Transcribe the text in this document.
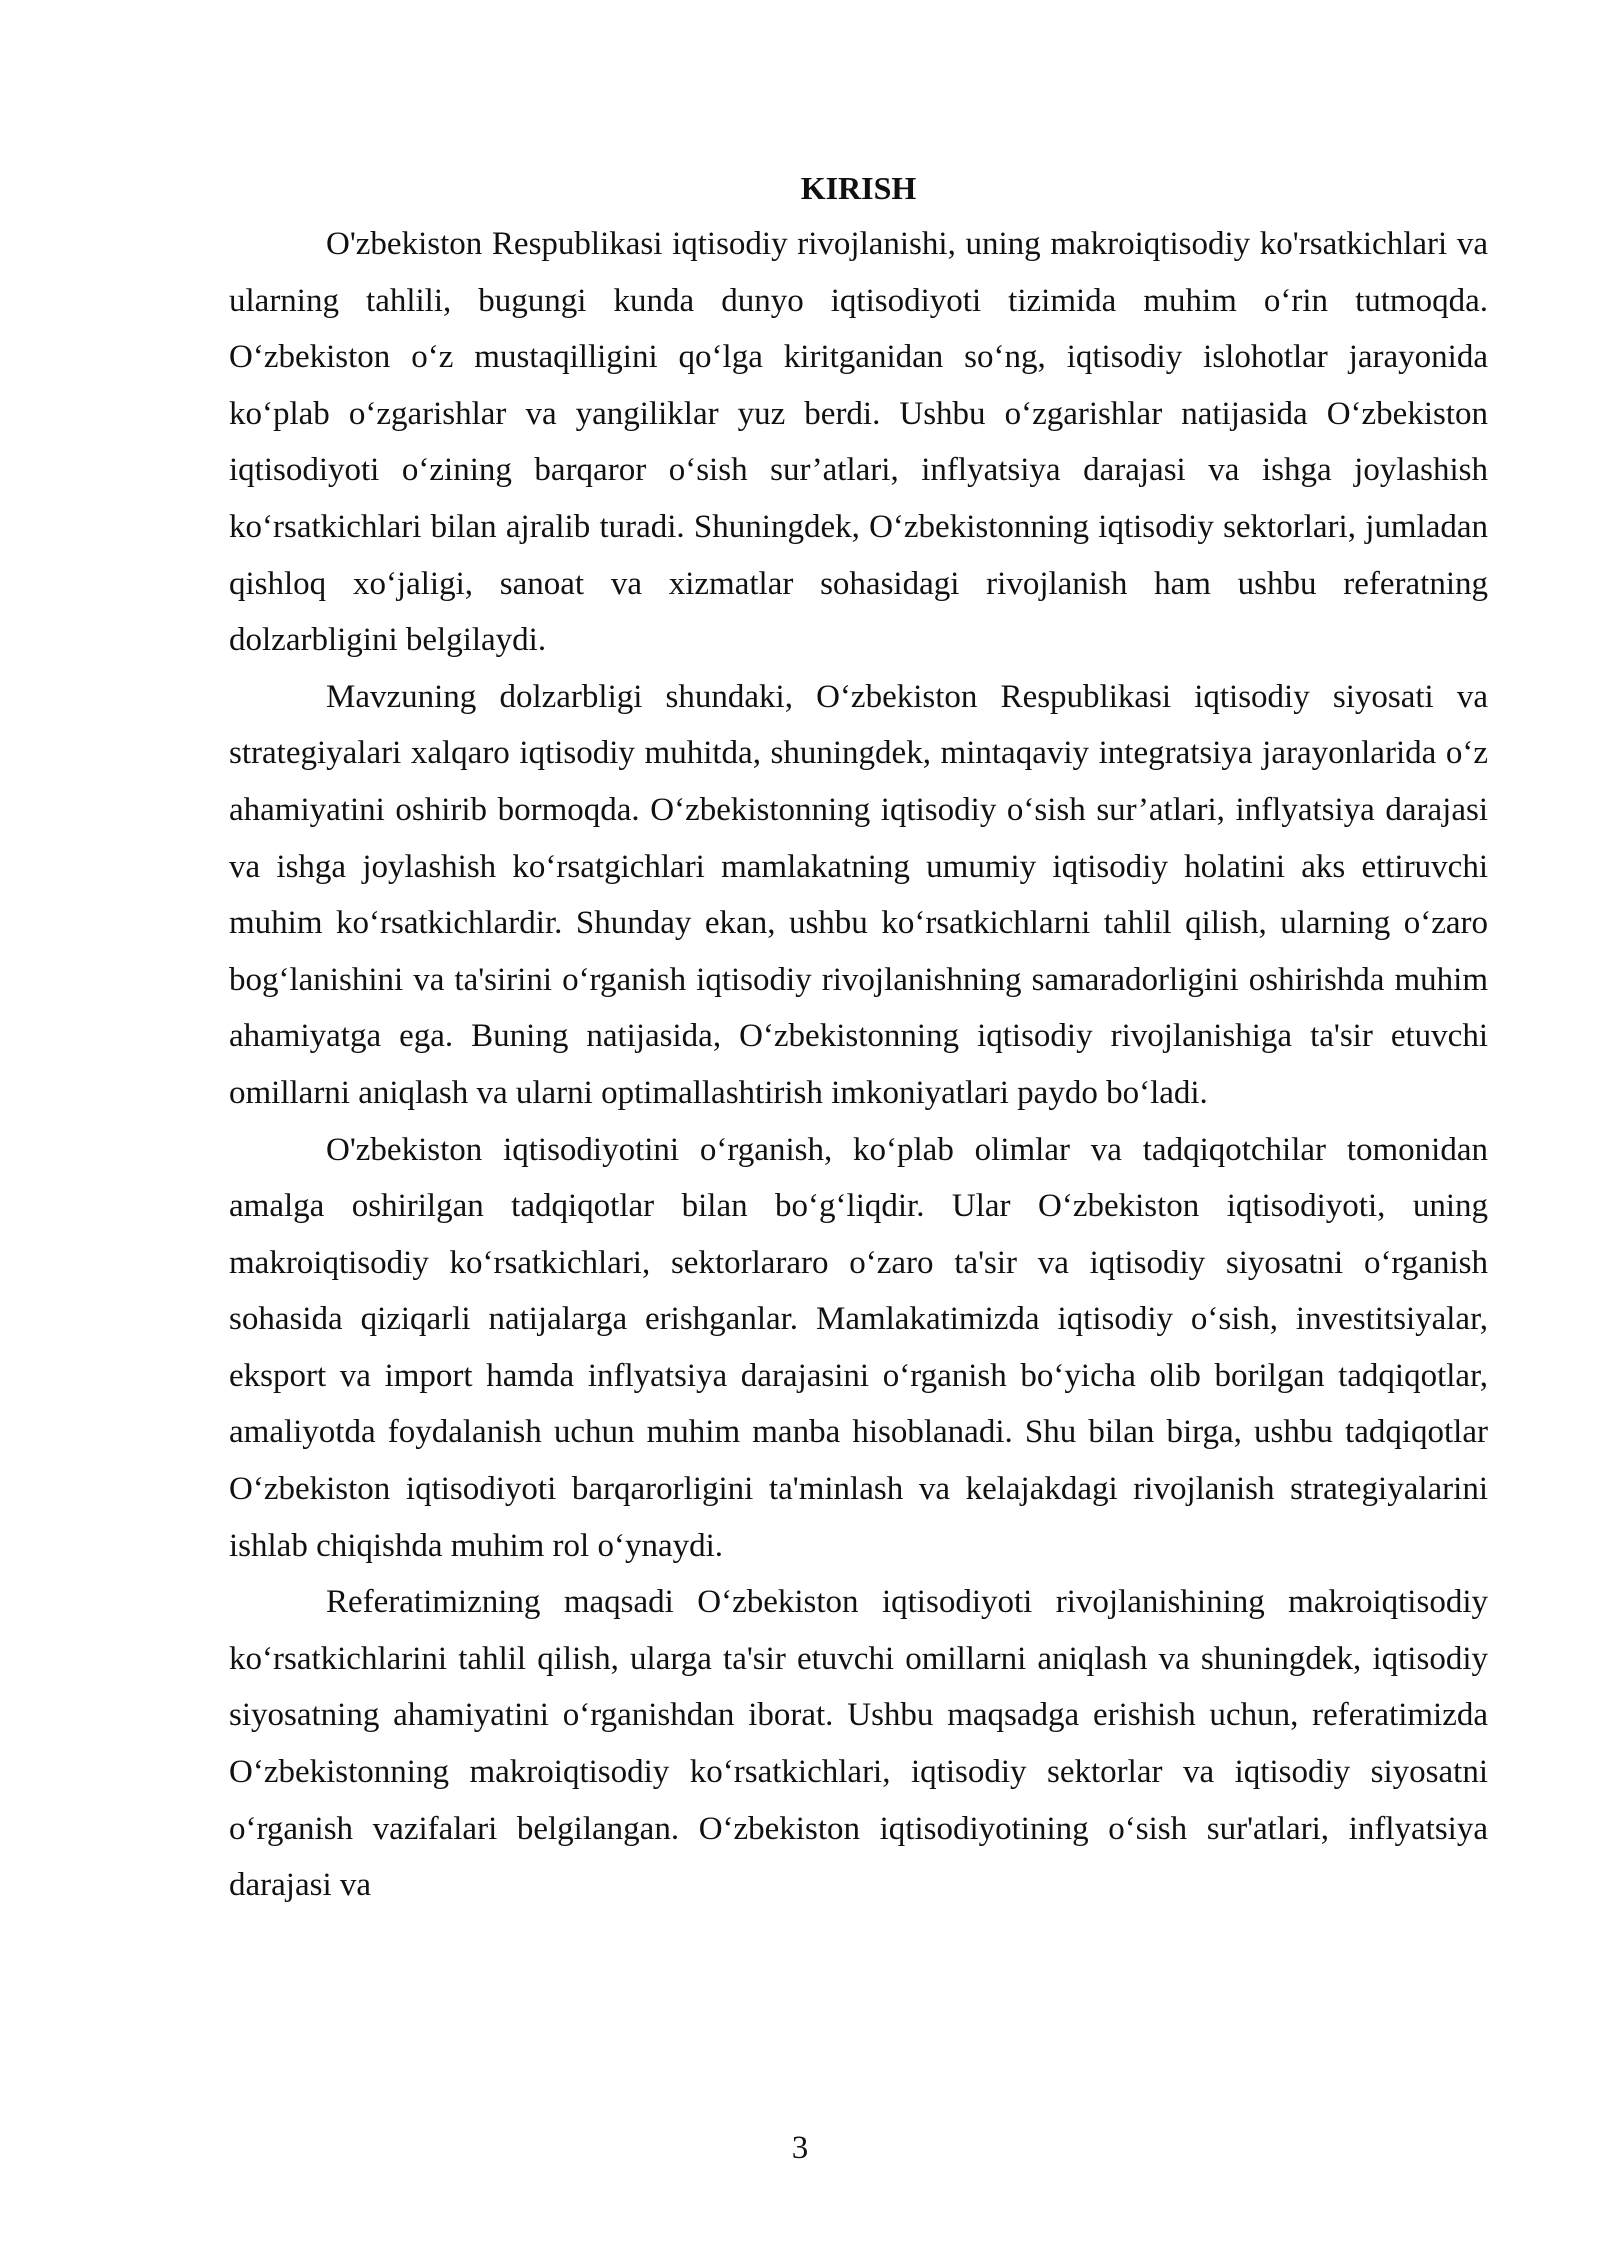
KIRISH

O'zbekiston Respublikasi iqtisodiy rivojlanishi, uning makroiqtisodiy ko'rsatkichlari va ularning tahlili, bugungi kunda dunyo iqtisodiyoti tizimida muhim oʻrin tutmoqda. Oʻzbekiston oʻz mustaqilligini qoʻlga kiritganidan soʻng, iqtisodiy islohotlar jarayonida koʻplab oʻzgarishlar va yangiliklar yuz berdi. Ushbu oʻzgarishlar natijasida Oʻzbekiston iqtisodiyoti oʻzining barqaror oʻsish sur’atlari, inflyatsiya darajasi va ishga joylashish koʻrsatkichlari bilan ajralib turadi. Shuningdek, Oʻzbekistonning iqtisodiy sektorlari, jumladan qishloq xoʻjaligi, sanoat va xizmatlar sohasidagi rivojlanish ham ushbu referatning dolzarbligini belgilaydi.

Mavzuning dolzarbligi shundaki, Oʻzbekiston Respublikasi iqtisodiy siyosati va strategiyalari xalqaro iqtisodiy muhitda, shuningdek, mintaqaviy integratsiya jarayonlarida oʻz ahamiyatini oshirib bormoqda. Oʻzbekistonning iqtisodiy oʻsish sur’atlari, inflyatsiya darajasi va ishga joylashish koʻrsatgichlari mamlakatning umumiy iqtisodiy holatini aks ettiruvchi muhim koʻrsatkichlardir. Shunday ekan, ushbu koʻrsatkichlarni tahlil qilish, ularning oʻzaro bogʻlanishini va ta'sirini oʻrganish iqtisodiy rivojlanishning samaradorligini oshirishda muhim ahamiyatga ega. Buning natijasida, Oʻzbekistonning iqtisodiy rivojlanishiga ta'sir etuvchi omillarni aniqlash va ularni optimallashtirish imkoniyatlari paydo boʻladi.

O'zbekiston iqtisodiyotini oʻrganish, koʻplab olimlar va tadqiqotchilar tomonidan amalga oshirilgan tadqiqotlar bilan boʻgʻliqdir. Ular Oʻzbekiston iqtisodiyoti, uning makroiqtisodiy koʻrsatkichlari, sektorlararo oʻzaro ta'sir va iqtisodiy siyosatni oʻrganish sohasida qiziqarli natijalarga erishganlar. Mamlakatimizda iqtisodiy oʻsish, investitsiyalar, eksport va import hamda inflyatsiya darajasini oʻrganish boʻyicha olib borilgan tadqiqotlar, amaliyotda foydalanish uchun muhim manba hisoblanadi. Shu bilan birga, ushbu tadqiqotlar Oʻzbekiston iqtisodiyoti barqarorligini ta'minlash va kelajakdagi rivojlanish strategiyalarini ishlab chiqishda muhim rol oʻynaydi.

Referatimizning maqsadi Oʻzbekiston iqtisodiyoti rivojlanishining makroiqtisodiy koʻrsatkichlarini tahlil qilish, ularga ta'sir etuvchi omillarni aniqlash va shuningdek, iqtisodiy siyosatning ahamiyatini oʻrganishdan iborat. Ushbu maqsadga erishish uchun, referatimizda Oʻzbekistonning makroiqtisodiy koʻrsatkichlari, iqtisodiy sektorlar va iqtisodiy siyosatni oʻrganish vazifalari belgilangan. Oʻzbekiston iqtisodiyotining oʻsish sur'atlari, inflyatsiya darajasi va

3
